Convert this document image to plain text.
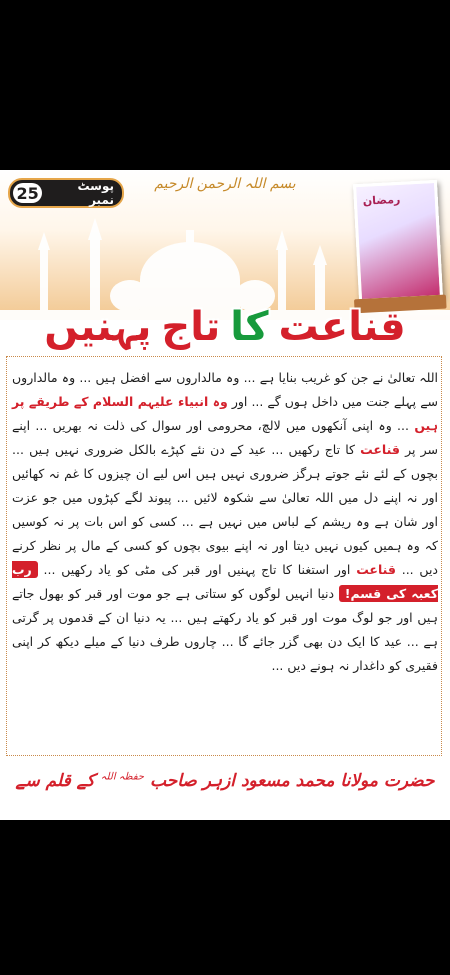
پوسٹ نمبر
25	بسم اللہ الرحمن الرحیم
رمضان
قناعت
کا
تاج
پہنیں

اللہ تعالیٰ نے جن کو غریب بنایا ہے ... وہ مالداروں سے افضل ہیں ... وہ مالداروں سے پہلے جنت میں داخل ہوں گے ... اور وہ انبیاء علیہم السلام کے طریقے پر ہیں ... وہ اپنی آنکھوں میں لالچ، محرومی اور سوال کی ذلت نہ بھریں ... اپنے سر پر قناعت کا تاج رکھیں ... عید کے دن نئے کپڑے بالکل ضروری نہیں ہیں ... بچوں کے لئے نئے جوتے ہرگز ضروری نہیں ہیں اس لیے ان چیزوں کا غم نہ کھائیں اور نہ اپنے دل میں اللہ تعالیٰ سے شکوہ لائیں ... پیوند لگے کپڑوں میں جو عزت اور شان ہے وہ ریشم کے لباس میں نہیں ہے ... کسی کو اس بات پر نہ کوسیں کہ وہ ہمیں کیوں نہیں دیتا اور نہ اپنے بیوی بچوں کو کسی کے مال پر نظر کرنے دیں ... قناعت اور استغنا کا تاج پہنیں اور قبر کی مٹی کو یاد رکھیں ... رب کعبہ کی قسم! دنیا انہیں لوگوں کو ستاتی ہے جو موت اور قبر کو بھول جاتے ہیں اور جو لوگ موت اور قبر کو یاد رکھتے ہیں ... یہ دنیا ان کے قدموں پر گرتی ہے ... عید کا ایک دن بھی گزر جائے گا ... چاروں طرف دنیا کے میلے دیکھ کر اپنی فقیری کو داغدار نہ ہونے دیں ...

حضرت مولانا محمد مسعود ازہر صاحب $^{حفظہ اللہ}$ کے قلم سے
